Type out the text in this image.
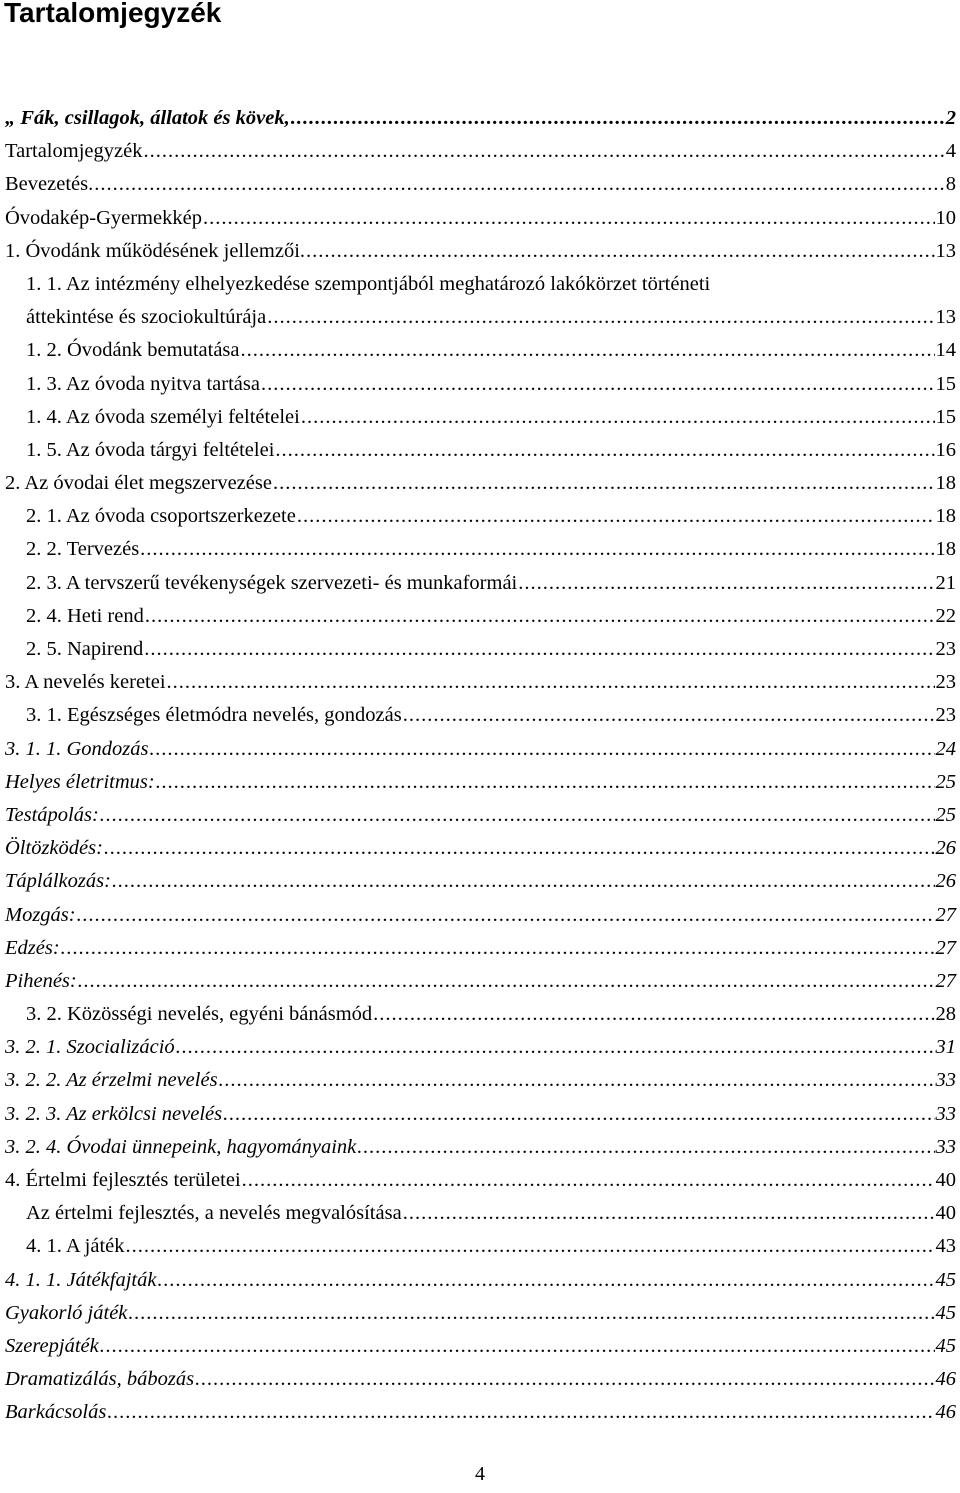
Tartalomjegyzék
„ Fák, csillagok, állatok és kövek, .....	2
Tartalomjegyzék .....	4
Bevezetés. .....	8
Óvodakép-Gyermekkép .....	10
1. Óvodánk működésének jellemzői. .....	13
1. 1. Az intézmény elhelyezkedése szempontjából meghatározó lakókörzet történeti
áttekintése és szociokultúrája .....	13
1. 2. Óvodánk bemutatása .....	14
1. 3. Az óvoda nyitva tartása .....	15
1. 4. Az óvoda személyi feltételei .....	15
1. 5. Az óvoda tárgyi feltételei .....	16
2. Az óvodai élet megszervezése .....	18
2. 1. Az óvoda csoportszerkezete .....	18
2. 2. Tervezés .....	18
2. 3. A tervszerű tevékenységek szervezeti- és munkaformái .....	21
2. 4. Heti rend .....	22
2. 5. Napirend .....	23
3. A nevelés keretei .....	23
3. 1. Egészséges életmódra nevelés, gondozás .....	23
3. 1. 1. Gondozás .....	24
Helyes életritmus: .....	25
Testápolás: .....	25
Öltözködés: .....	26
Táplálkozás: .....	26
Mozgás: .....	27
Edzés: .....	27
Pihenés: .....	27
3. 2. Közösségi nevelés, egyéni bánásmód .....	28
3. 2. 1. Szocializáció .....	31
3. 2. 2. Az érzelmi nevelés .....	33
3. 2. 3. Az erkölcsi nevelés .....	33
3. 2. 4. Óvodai ünnepeink, hagyományaink .....	33
4. Értelmi fejlesztés területei .....	40
Az értelmi fejlesztés, a nevelés megvalósítása .....	40
4. 1. A játék .....	43
4. 1. 1. Játékfajták .....	45
Gyakorló játék .....	45
Szerepjáték .....	45
Dramatizálás, bábozás .....	46
Barkácsolás .....	46
4
